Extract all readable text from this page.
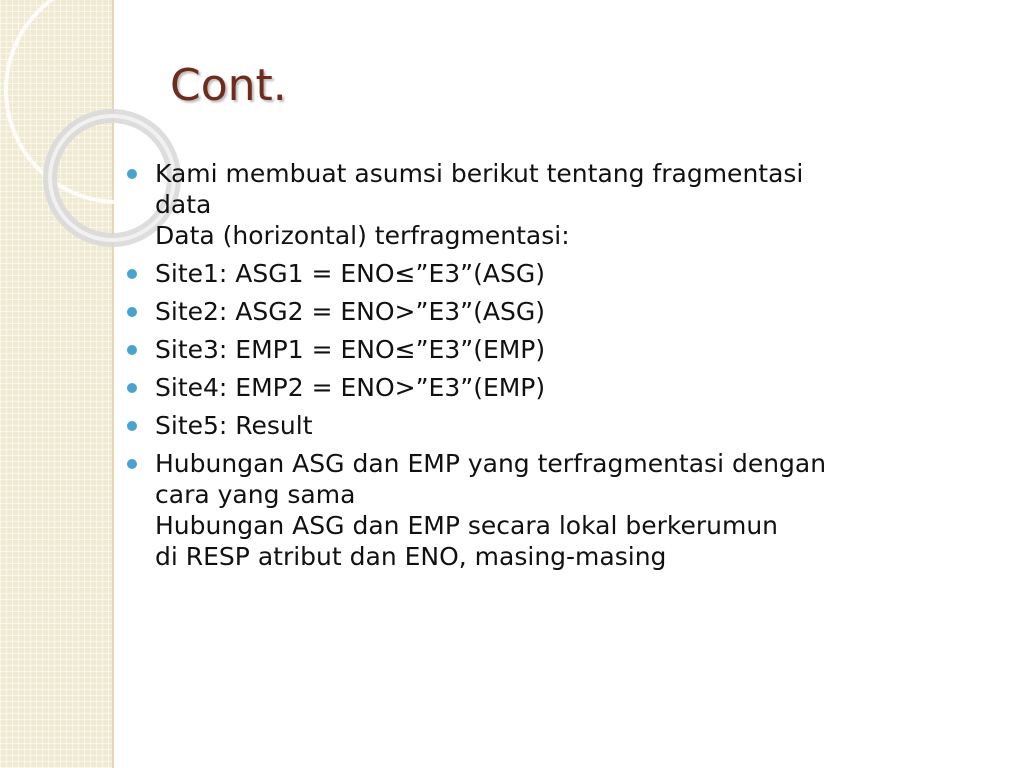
Cont.
Kami membuat asumsi berikut tentang fragmentasi
data
Data (horizontal) terfragmentasi:
Site1: ASG1 = ENO≤”E3”(ASG)
Site2: ASG2 = ENO>”E3”(ASG)
Site3: EMP1 = ENO≤”E3”(EMP)
Site4: EMP2 = ENO>”E3”(EMP)
Site5: Result
Hubungan ASG dan EMP yang terfragmentasi dengan
cara yang sama
Hubungan ASG dan EMP secara lokal berkerumun
di RESP atribut dan ENO, masing-masing
